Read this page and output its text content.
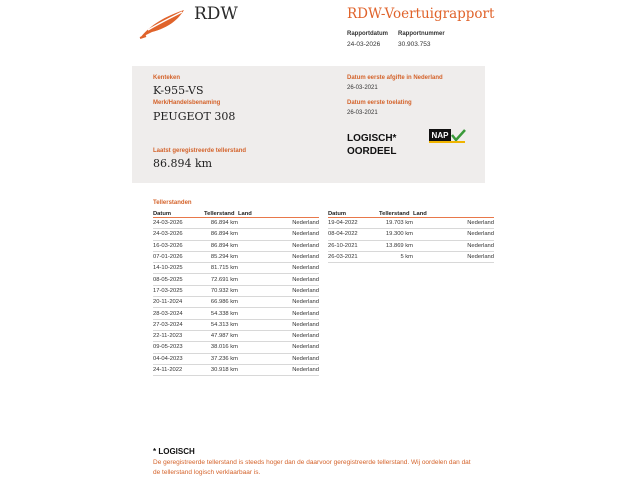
RDW	RDW-Voertuigrapport
Rapportdatum
24-03-2026
Rapportnummer
30.903.753
Kenteken
K-955-VS
Merk/Handelsbenaming
PEUGEOT 308
Laatst geregistreerde tellerstand
86.894 km
Datum eerste afgifte in Nederland
26-03-2021
Datum eerste toelating
26-03-2021
LOGISCH*
OORDEEL
NAP
Tellerstanden
Datum	Tellerstand	Land
24-03-2026	86.894 km	Nederland
24-03-2026	86.894 km	Nederland
16-03-2026	86.894 km	Nederland
07-01-2026	85.294 km	Nederland
14-10-2025	81.715 km	Nederland
08-05-2025	72.691 km	Nederland
17-03-2025	70.932 km	Nederland
20-11-2024	66.986 km	Nederland
28-03-2024	54.338 km	Nederland
27-03-2024	54.313 km	Nederland
22-11-2023	47.987 km	Nederland
09-05-2023	38.016 km	Nederland
04-04-2023	37.236 km	Nederland
24-11-2022	30.918 km	Nederland
Datum	Tellerstand	Land
19-04-2022	19.703 km	Nederland
08-04-2022	19.300 km	Nederland
26-10-2021	13.869 km	Nederland
26-03-2021	5 km	Nederland
* LOGISCH
De geregistreerde tellerstand is steeds hoger dan de daarvoor geregistreerde tellerstand. Wij oordelen dan dat de tellerstand logisch verklaarbaar is.
